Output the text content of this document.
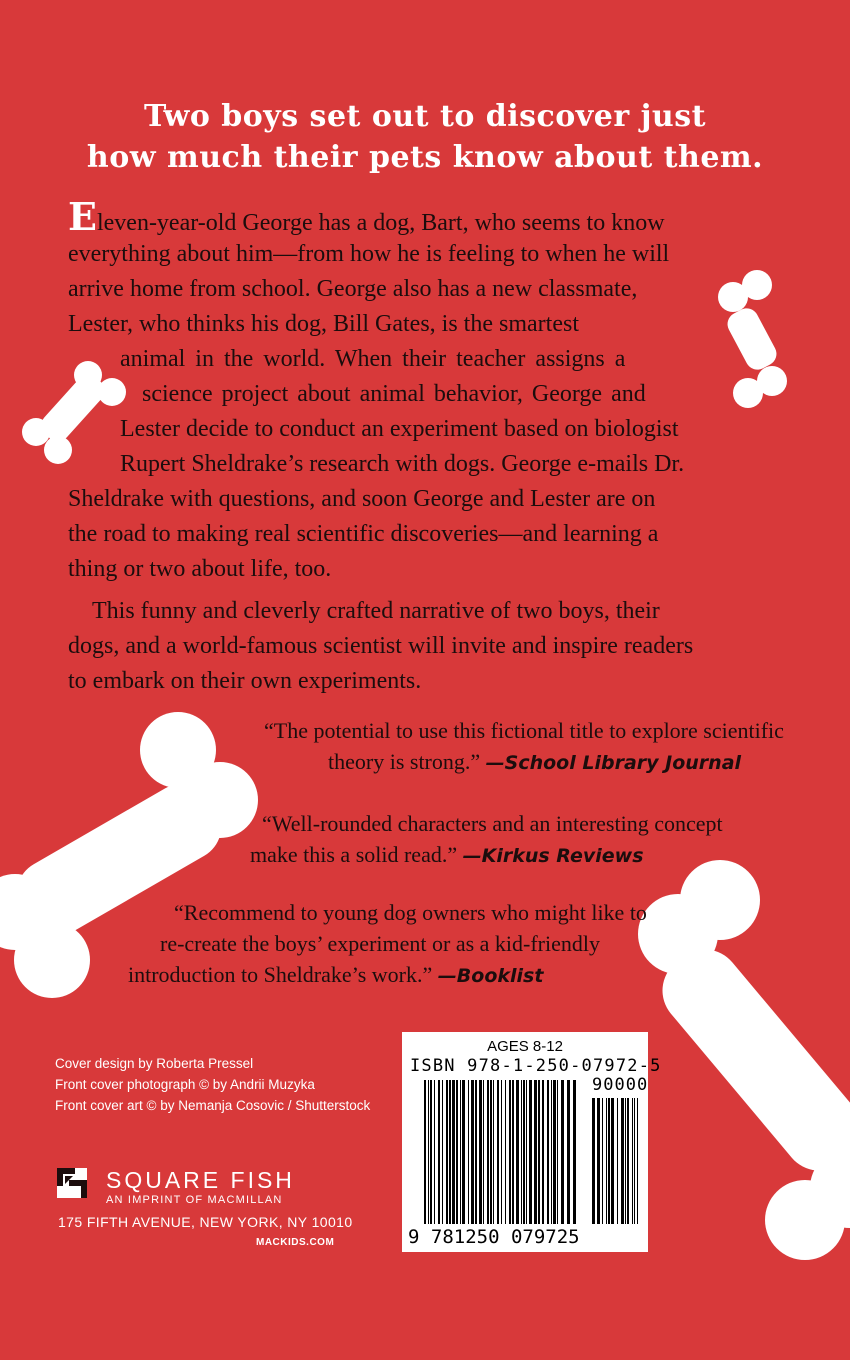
Two boys set out to discover just
how much their pets know about them.
Eleven-year-old George has a dog, Bart, who seems to know
everything about him—from how he is feeling to when he will
arrive home from school. George also has a new classmate,
Lester, who thinks his dog, Bill Gates, is the smartest
animal in the world. When their teacher assigns a
science project about animal behavior, George and
Lester decide to conduct an experiment based on biologist
Rupert Sheldrake’s research with dogs. George e-mails Dr.
Sheldrake with questions, and soon George and Lester are on
the road to making real scientific discoveries—and learning a
thing or two about life, too.
This funny and cleverly crafted narrative of two boys, their
dogs, and a world-famous scientist will invite and inspire readers
to embark on their own experiments.
“The potential to use this fictional title to explore scientific
theory is strong.” —School Library Journal
“Well-rounded characters and an interesting concept
make this a solid read.” —Kirkus Reviews
“Recommend to young dog owners who might like to
re-create the boys’ experiment or as a kid-friendly
introduction to Sheldrake’s work.” —Booklist
Cover design by Roberta Pressel
Front cover photograph © by Andrii Muzyka
Front cover art © by Nemanja Cosovic / Shutterstock
SQUARE FISH
AN IMPRINT OF MACMILLAN
175 FIFTH AVENUE, NEW YORK, NY 10010
MACKIDS.COM
AGES 8-12
ISBN 978-1-250-07972-5
90000
9 781250 079725
